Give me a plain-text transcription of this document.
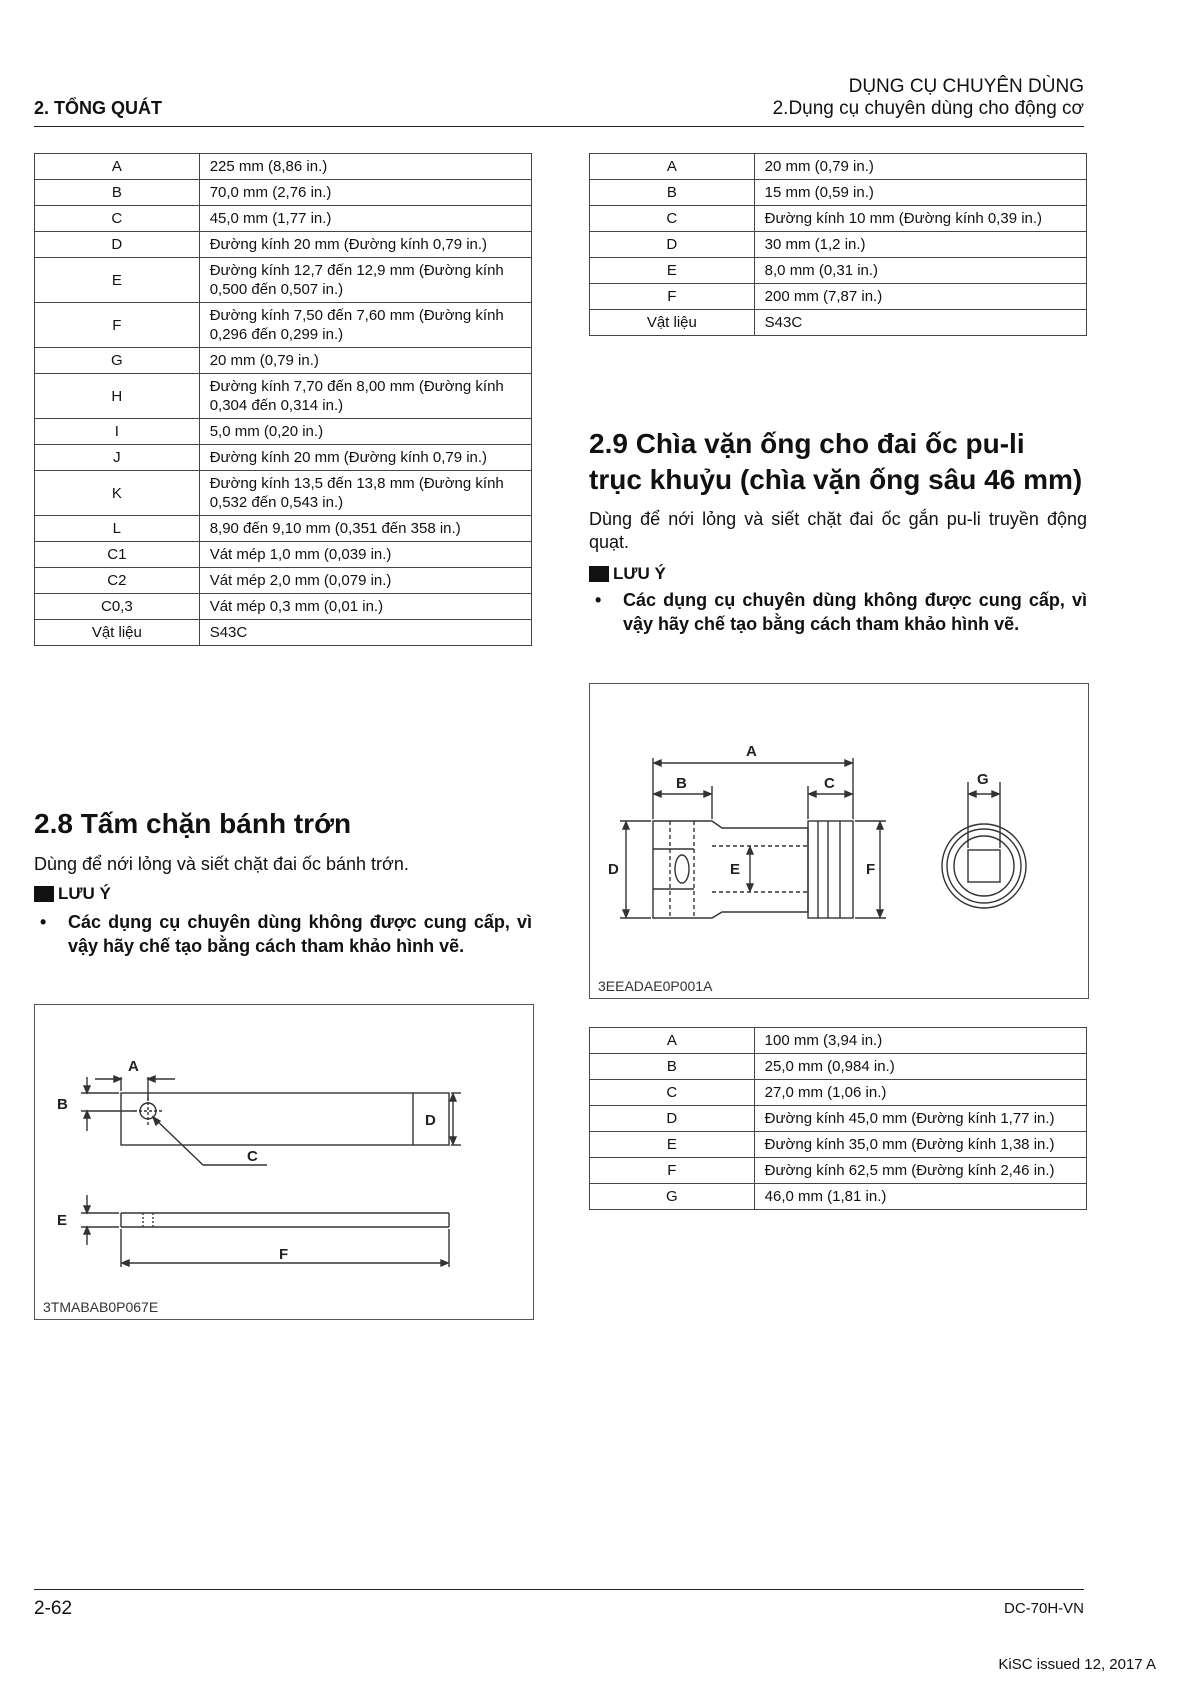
2. TỔNG QUÁT
DỤNG CỤ CHUYÊN DÙNG
2.Dụng cụ chuyên dùng cho động cơ
A	225 mm (8,86 in.)
B	70,0 mm (2,76 in.)
C	45,0 mm (1,77 in.)
D	Đường kính 20 mm (Đường kính 0,79 in.)
E	Đường kính 12,7 đến 12,9 mm (Đường kính 0,500 đến 0,507 in.)
F	Đường kính 7,50 đến 7,60 mm (Đường kính 0,296 đến 0,299 in.)
G	20 mm (0,79 in.)
H	Đường kính 7,70 đến 8,00 mm (Đường kính 0,304 đến 0,314 in.)
I	5,0 mm (0,20 in.)
J	Đường kính 20 mm (Đường kính 0,79 in.)
K	Đường kính 13,5 đến 13,8 mm (Đường kính 0,532 đến 0,543 in.)
L	8,90 đến 9,10 mm (0,351 đến 358 in.)
C1	Vát mép 1,0 mm (0,039 in.)
C2	Vát mép 2,0 mm (0,079 in.)
C0,3	Vát mép 0,3 mm (0,01 in.)
Vật liệu	S43C
2.8 Tấm chặn bánh trớn
Dùng để nới lỏng và siết chặt đai ốc bánh trớn.
LƯU Ý
• Các dụng cụ chuyên dùng không được cung cấp, vì vậy hãy chế tạo bằng cách tham khảo hình vẽ.
A
B
C
D
E
F
3TMABAB0P067E
A	20 mm (0,79 in.)
B	15 mm (0,59 in.)
C	Đường kính 10 mm (Đường kính 0,39 in.)
D	30 mm (1,2 in.)
E	8,0 mm (0,31 in.)
F	200 mm (7,87 in.)
Vật liệu	S43C
2.9 Chìa vặn ống cho đai ốc pu-li
trục khuỷu (chìa vặn ống sâu 46 mm)
Dùng để nới lỏng và siết chặt đai ốc gắn pu-li truyền động quạt.
LƯU Ý
• Các dụng cụ chuyên dùng không được cung cấp, vì vậy hãy chế tạo bằng cách tham khảo hình vẽ.
A
B	C
D	E	F
G
3EEADAE0P001A
A	100 mm (3,94 in.)
B	25,0 mm (0,984 in.)
C	27,0 mm (1,06 in.)
D	Đường kính 45,0 mm (Đường kính 1,77 in.)
E	Đường kính 35,0 mm (Đường kính 1,38 in.)
F	Đường kính 62,5 mm (Đường kính 2,46 in.)
G	46,0 mm (1,81 in.)
2-62	DC-70H-VN
KiSC issued 12, 2017 A
